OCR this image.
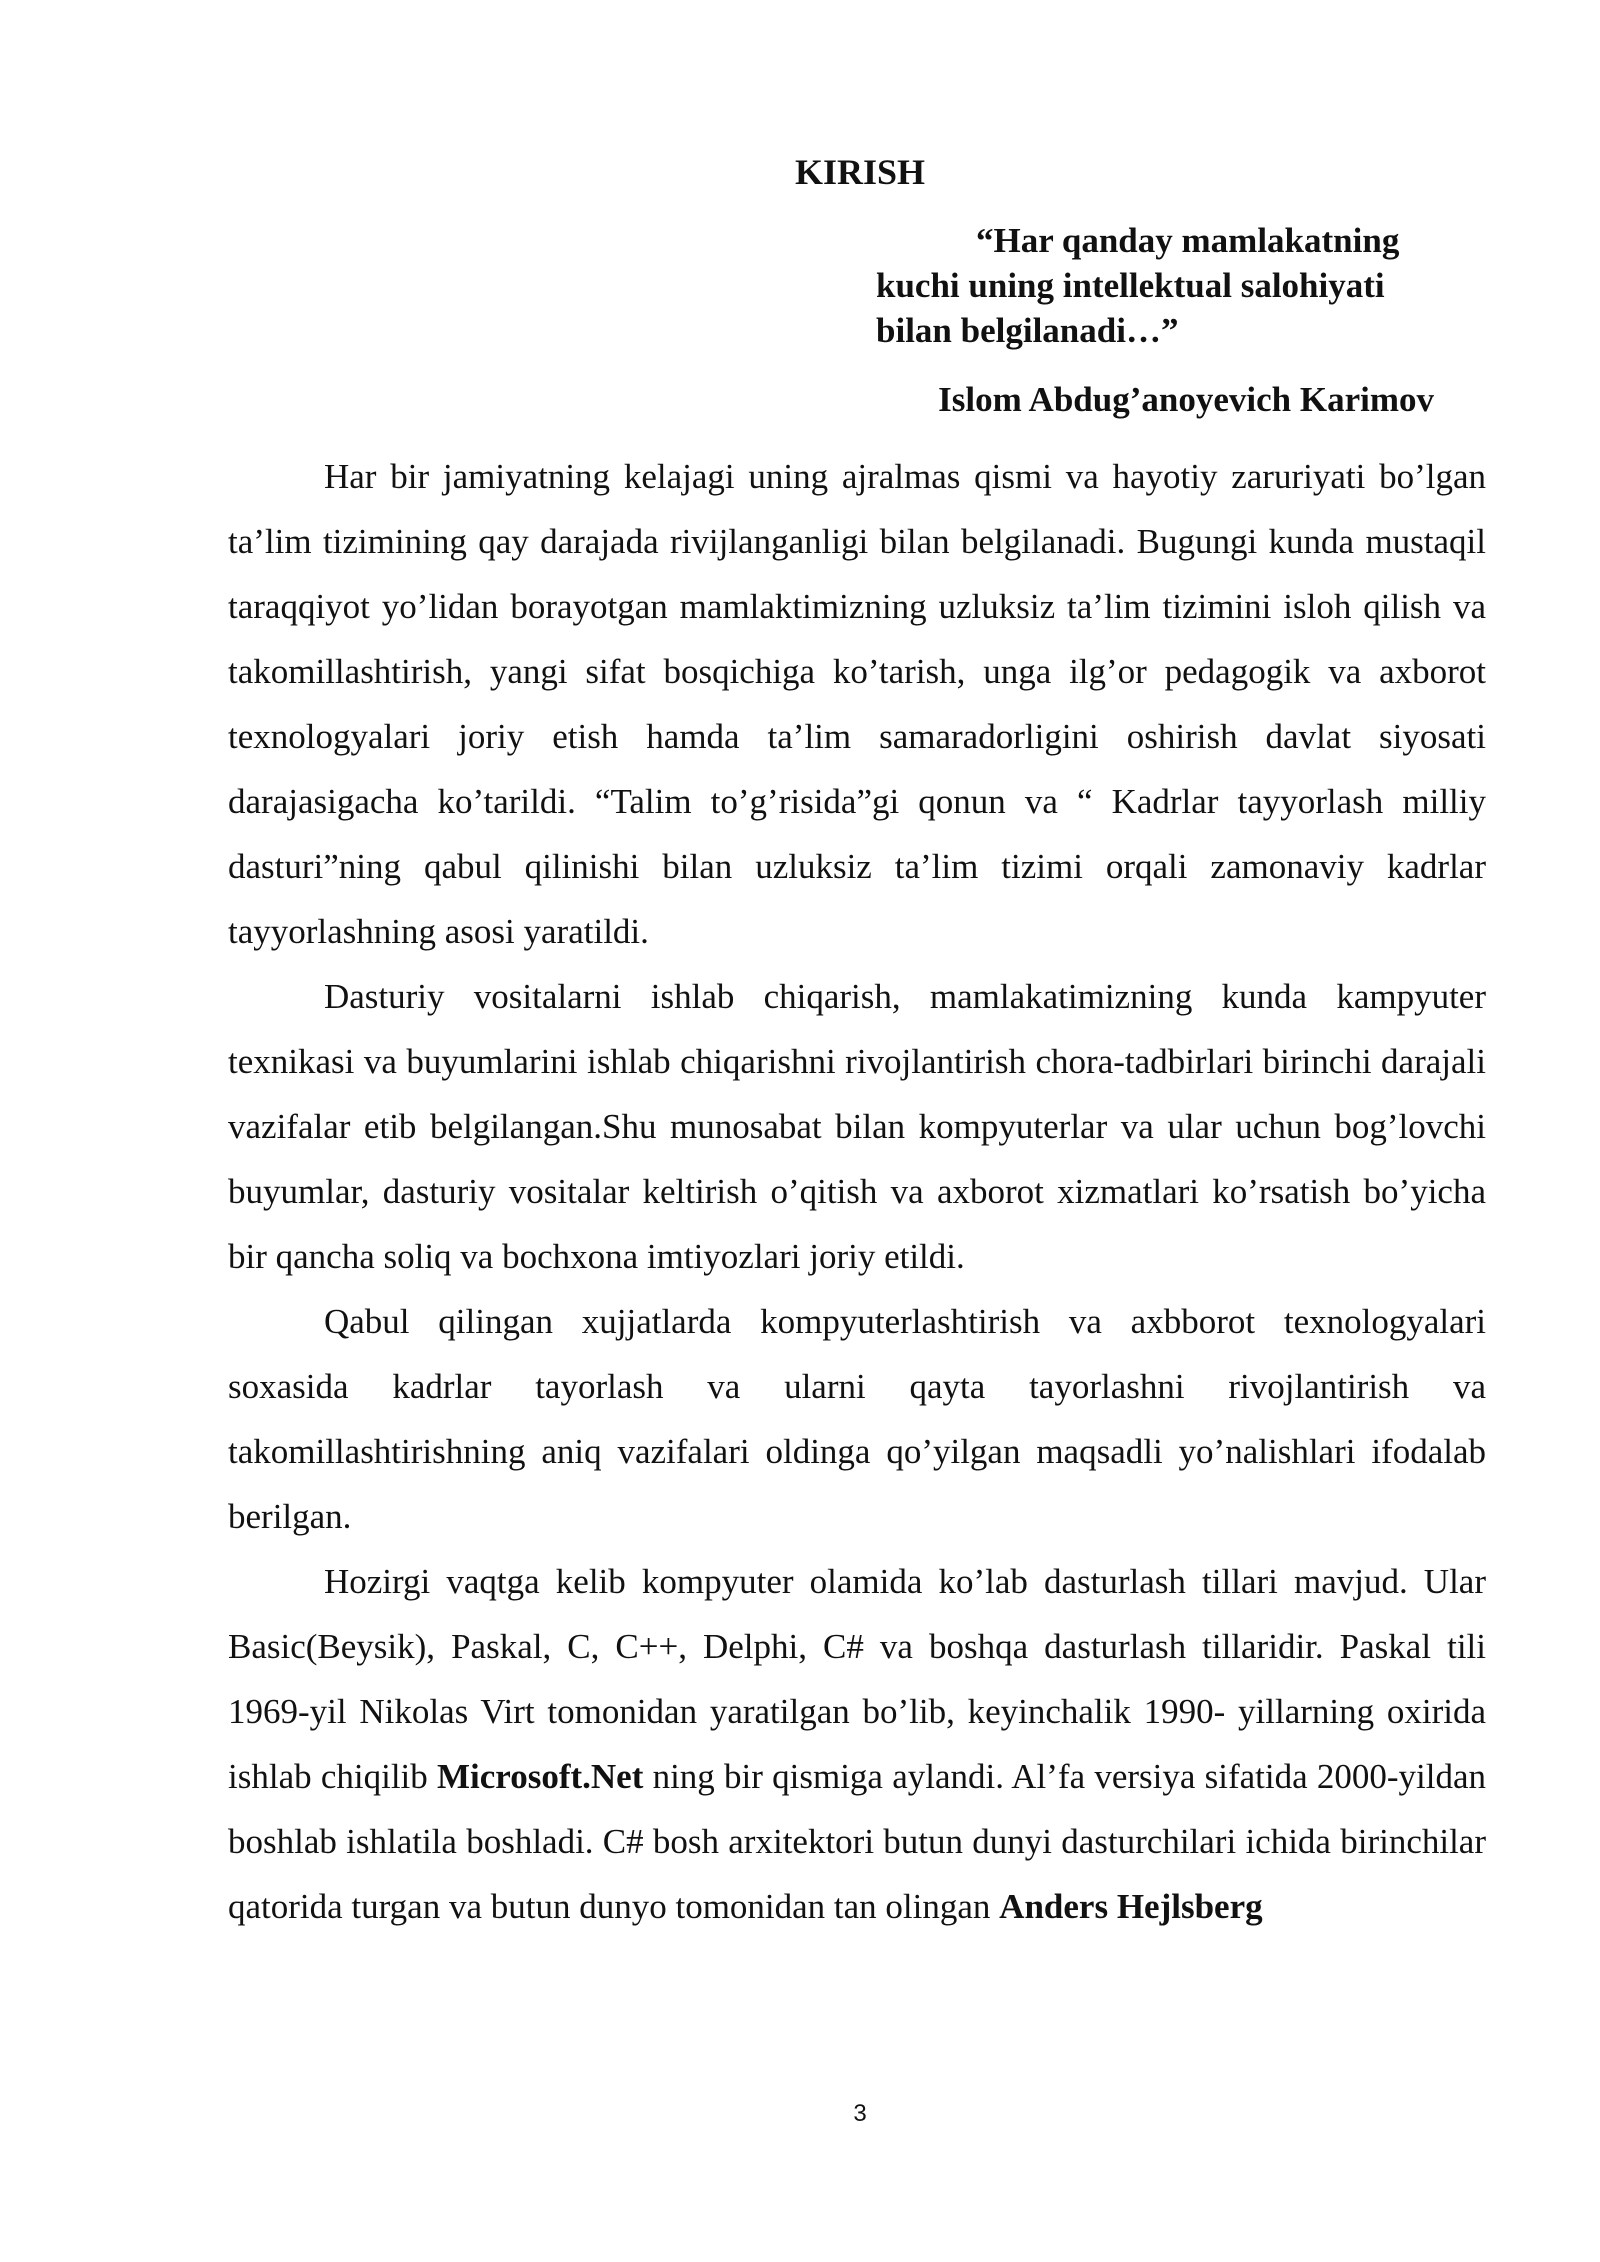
KIRISH
“Har qanday mamlakatning
kuchi uning intellektual salohiyati
bilan belgilanadi…”
Islom Abdug’anoyevich Karimov

Har bir jamiyatning kelajagi uning ajralmas qismi va hayotiy zaruriyati bo’lgan ta’lim tizimining qay darajada rivijlanganligi bilan belgilanadi. Bugungi kunda mustaqil taraqqiyot yo’lidan borayotgan mamlaktimizning uzluksiz ta’lim tizimini isloh qilish va takomillashtirish, yangi sifat bosqichiga ko’tarish, unga ilg’or pedagogik va axborot texnologyalari joriy etish hamda ta’lim samaradorligini oshirish davlat siyosati darajasigacha ko’tarildi. “Talim to’g’risida”gi qonun va “ Kadrlar tayyorlash milliy dasturi”ning qabul qilinishi bilan uzluksiz ta’lim tizimi orqali zamonaviy kadrlar tayyorlashning asosi yaratildi.

Dasturiy vositalarni ishlab chiqarish, mamlakatimizning kunda kampyuter texnikasi va buyumlarini ishlab chiqarishni rivojlantirish chora-tadbirlari birinchi darajali vazifalar etib belgilangan.Shu munosabat bilan kompyuterlar va ular uchun bog’lovchi buyumlar, dasturiy vositalar keltirish o’qitish va axborot xizmatlari ko’rsatish bo’yicha bir qancha soliq va bochxona imtiyozlari joriy etildi.

Qabul qilingan xujjatlarda kompyuterlashtirish va axbborot texnologyalari soxasida kadrlar tayorlash va ularni qayta tayorlashni rivojlantirish va takomillashtirishning aniq vazifalari oldinga qo’yilgan maqsadli yo’nalishlari ifodalab berilgan.

Hozirgi vaqtga kelib kompyuter olamida ko’lab dasturlash tillari mavjud. Ular Basic(Beysik), Paskal, C, C++, Delphi, C# va boshqa dasturlash tillaridir. Paskal tili 1969-yil Nikolas Virt tomonidan yaratilgan bo’lib, keyinchalik 1990- yillarning oxirida ishlab chiqilib Microsoft.Net ning bir qismiga aylandi. Al’fa versiya sifatida 2000-yildan boshlab ishlatila boshladi. C# bosh arxitektori butun dunyi dasturchilari ichida birinchilar qatorida turgan va butun dunyo tomonidan tan olingan Anders Hejlsberg

3
